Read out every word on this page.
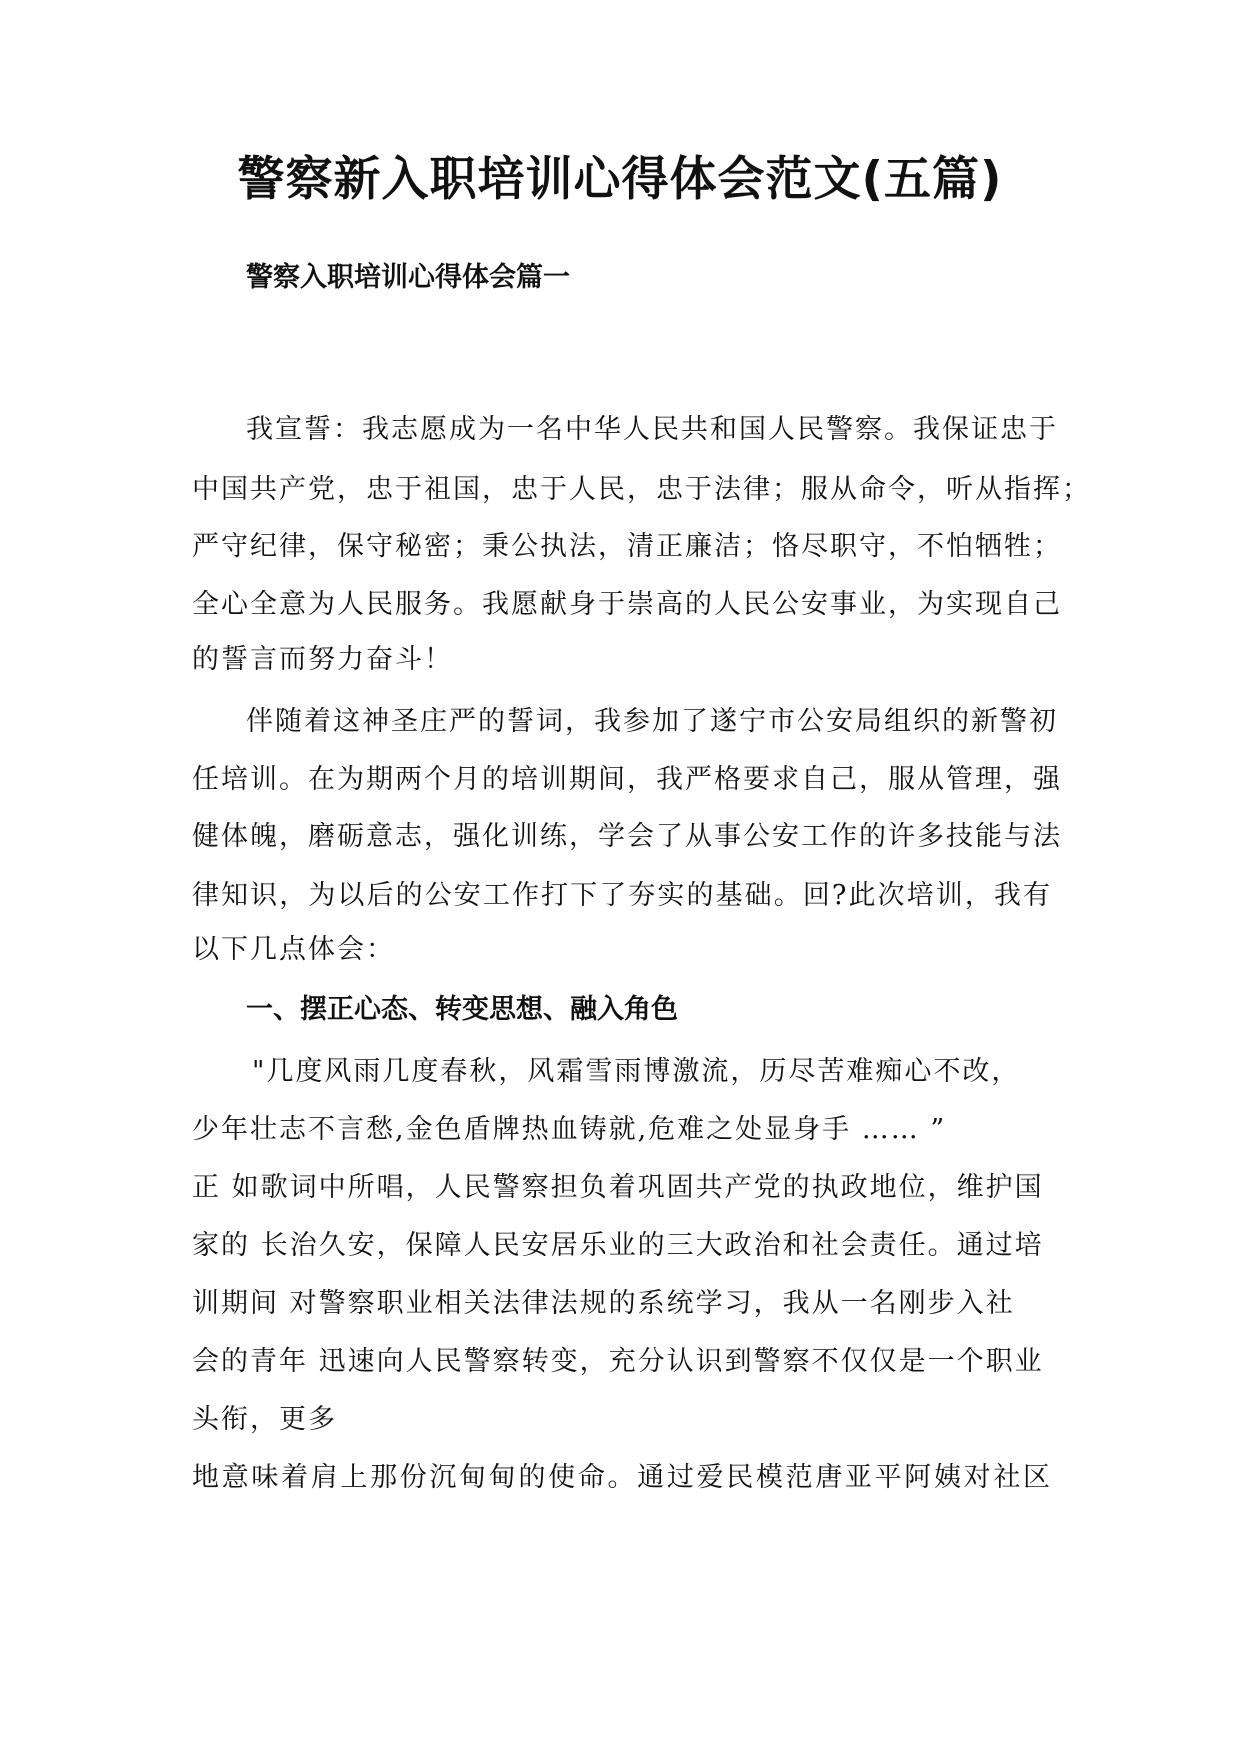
警察新入职培训心得体会范文(五篇)
警察入职培训心得体会篇一
我宣誓：我志愿成为一名中华人民共和国人民警察。我保证忠于
中国共产党，忠于祖国，忠于人民，忠于法律；服从命令，听从指挥；
严守纪律，保守秘密；秉公执法，清正廉洁；恪尽职守，不怕牺牲；
全心全意为人民服务。我愿献身于崇高的人民公安事业，为实现自己
的誓言而努力奋斗！
伴随着这神圣庄严的誓词，我参加了遂宁市公安局组织的新警初
任培训。在为期两个月的培训期间，我严格要求自己，服从管理，强
健体魄，磨砺意志，强化训练，学会了从事公安工作的许多技能与法
律知识，为以后的公安工作打下了夯实的基础。回?此次培训，我有
以下几点体会：
一、摆正心态、转变思想、融入角色
"几度风雨几度春秋，风霜雪雨博激流，历尽苦难痴心不改，
少年壮志不言愁,金色盾牌热血铸就,危难之处显身手 …… ”
正 如歌词中所唱，人民警察担负着巩固共产党的执政地位，维护国
家的 长治久安，保障人民安居乐业的三大政治和社会责任。通过培
训期间 对警察职业相关法律法规的系统学习，我从一名刚步入社
会的青年 迅速向人民警察转变，充分认识到警察不仅仅是一个职业
头衔，更多
地意味着肩上那份沉甸甸的使命。通过爱民模范唐亚平阿姨对社区
